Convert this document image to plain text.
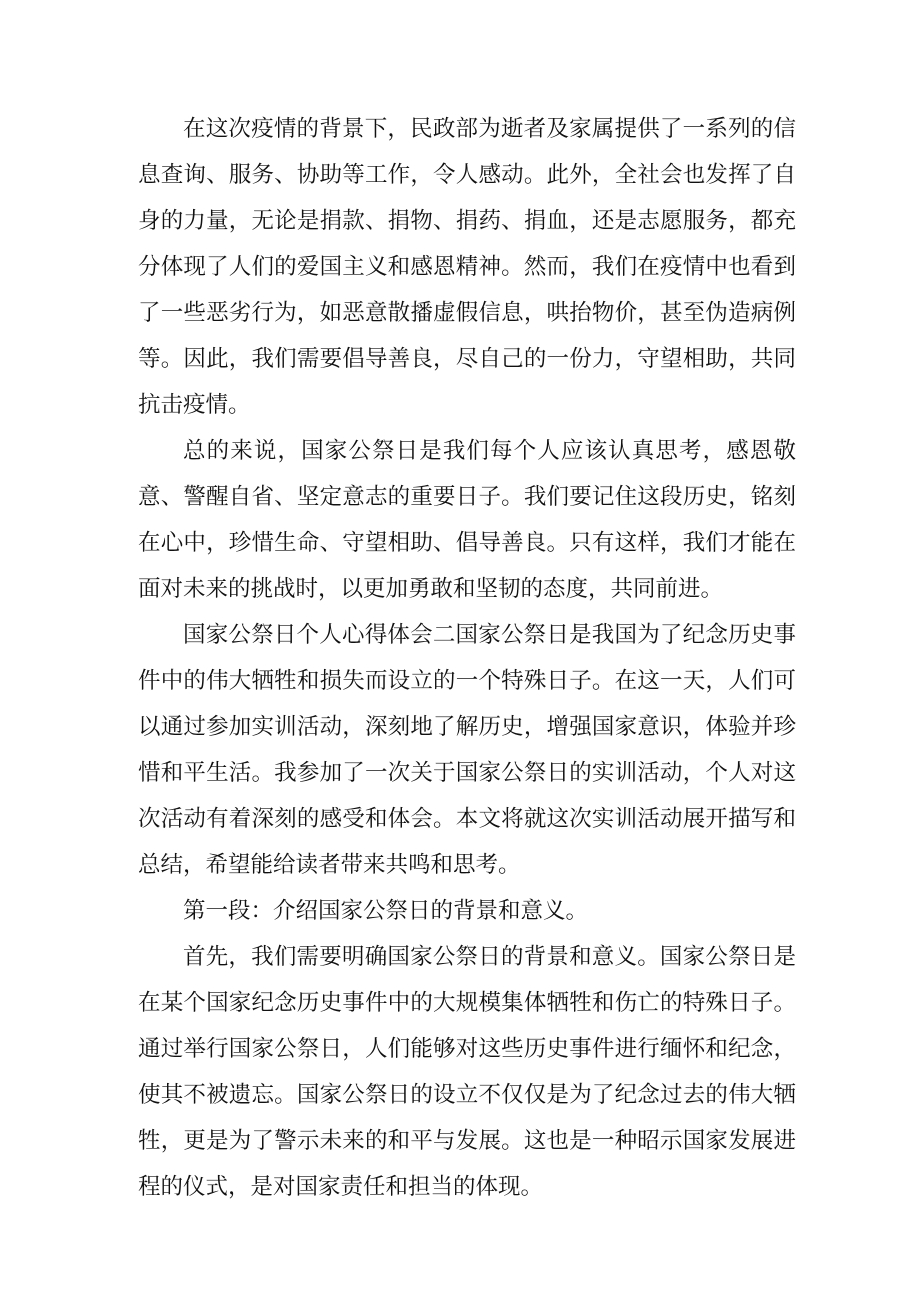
在这次疫情的背景下，民政部为逝者及家属提供了一系列的信息查询、服务、协助等工作，令人感动。此外，全社会也发挥了自身的力量，无论是捐款、捐物、捐药、捐血，还是志愿服务，都充分体现了人们的爱国主义和感恩精神。然而，我们在疫情中也看到了一些恶劣行为，如恶意散播虚假信息，哄抬物价，甚至伪造病例等。因此，我们需要倡导善良，尽自己的一份力，守望相助，共同抗击疫情。

总的来说，国家公祭日是我们每个人应该认真思考，感恩敬意、警醒自省、坚定意志的重要日子。我们要记住这段历史，铭刻在心中，珍惜生命、守望相助、倡导善良。只有这样，我们才能在面对未来的挑战时，以更加勇敢和坚韧的态度，共同前进。

国家公祭日个人心得体会二国家公祭日是我国为了纪念历史事件中的伟大牺牲和损失而设立的一个特殊日子。在这一天，人们可以通过参加实训活动，深刻地了解历史，增强国家意识，体验并珍惜和平生活。我参加了一次关于国家公祭日的实训活动，个人对这次活动有着深刻的感受和体会。本文将就这次实训活动展开描写和总结，希望能给读者带来共鸣和思考。

第一段：介绍国家公祭日的背景和意义。

首先，我们需要明确国家公祭日的背景和意义。国家公祭日是在某个国家纪念历史事件中的大规模集体牺牲和伤亡的特殊日子。通过举行国家公祭日，人们能够对这些历史事件进行缅怀和纪念，使其不被遗忘。国家公祭日的设立不仅仅是为了纪念过去的伟大牺牲，更是为了警示未来的和平与发展。这也是一种昭示国家发展进程的仪式，是对国家责任和担当的体现。
